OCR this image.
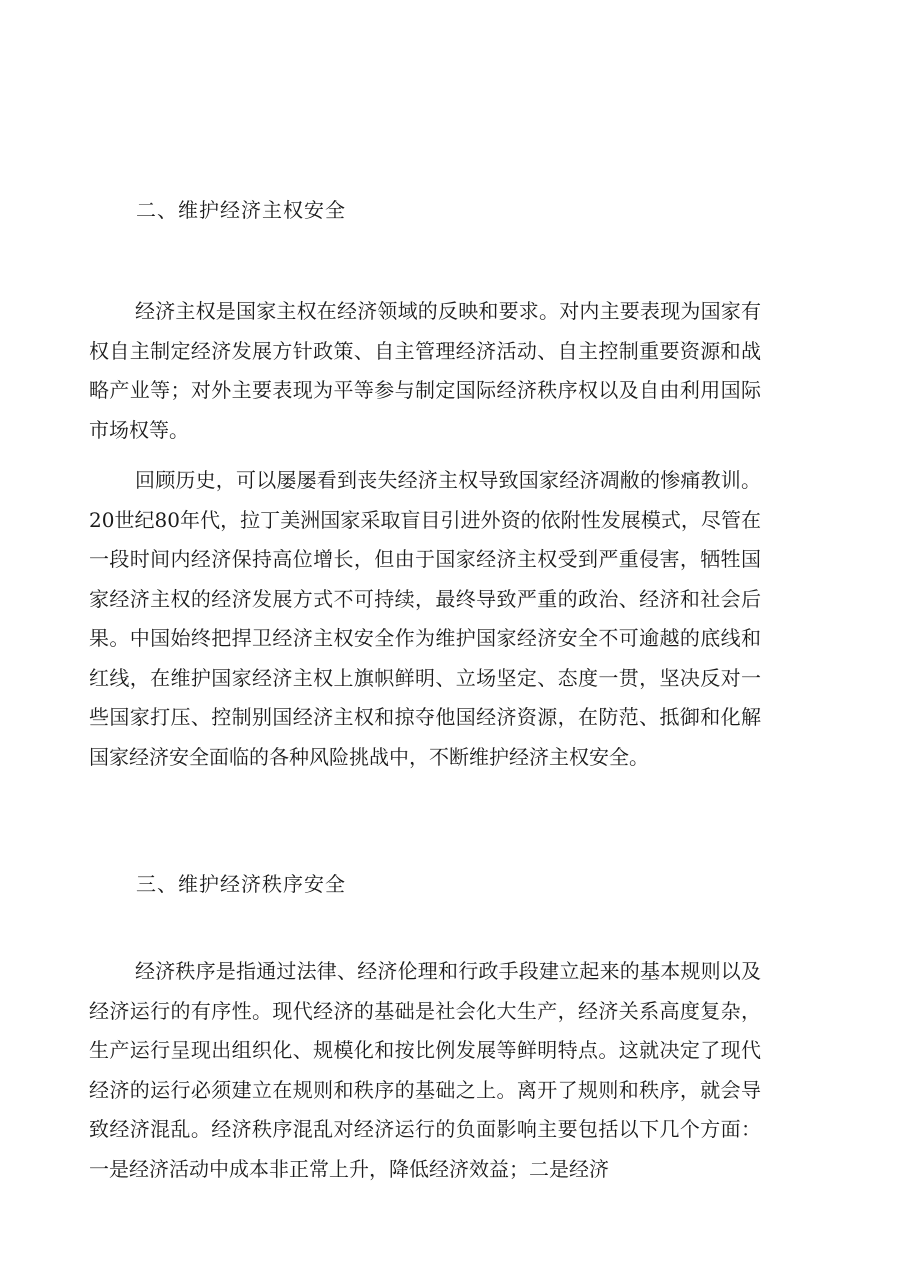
二、维护经济主权安全

经济主权是国家主权在经济领域的反映和要求。对内主要表现为国家有权自主制定经济发展方针政策、自主管理经济活动、自主控制重要资源和战略产业等；对外主要表现为平等参与制定国际经济秩序权以及自由利用国际市场权等。

回顾历史，可以屡屡看到丧失经济主权导致国家经济凋敝的惨痛教训。20世纪80年代，拉丁美洲国家采取盲目引进外资的依附性发展模式，尽管在一段时间内经济保持高位增长，但由于国家经济主权受到严重侵害，牺牲国家经济主权的经济发展方式不可持续，最终导致严重的政治、经济和社会后果。中国始终把捍卫经济主权安全作为维护国家经济安全不可逾越的底线和红线，在维护国家经济主权上旗帜鲜明、立场坚定、态度一贯，坚决反对一些国家打压、控制别国经济主权和掠夺他国经济资源，在防范、抵御和化解国家经济安全面临的各种风险挑战中，不断维护经济主权安全。

三、维护经济秩序安全

经济秩序是指通过法律、经济伦理和行政手段建立起来的基本规则以及经济运行的有序性。现代经济的基础是社会化大生产，经济关系高度复杂，生产运行呈现出组织化、规模化和按比例发展等鲜明特点。这就决定了现代经济的运行必须建立在规则和秩序的基础之上。离开了规则和秩序，就会导致经济混乱。经济秩序混乱对经济运行的负面影响主要包括以下几个方面：一是经济活动中成本非正常上升，降低经济效益；二是经济
